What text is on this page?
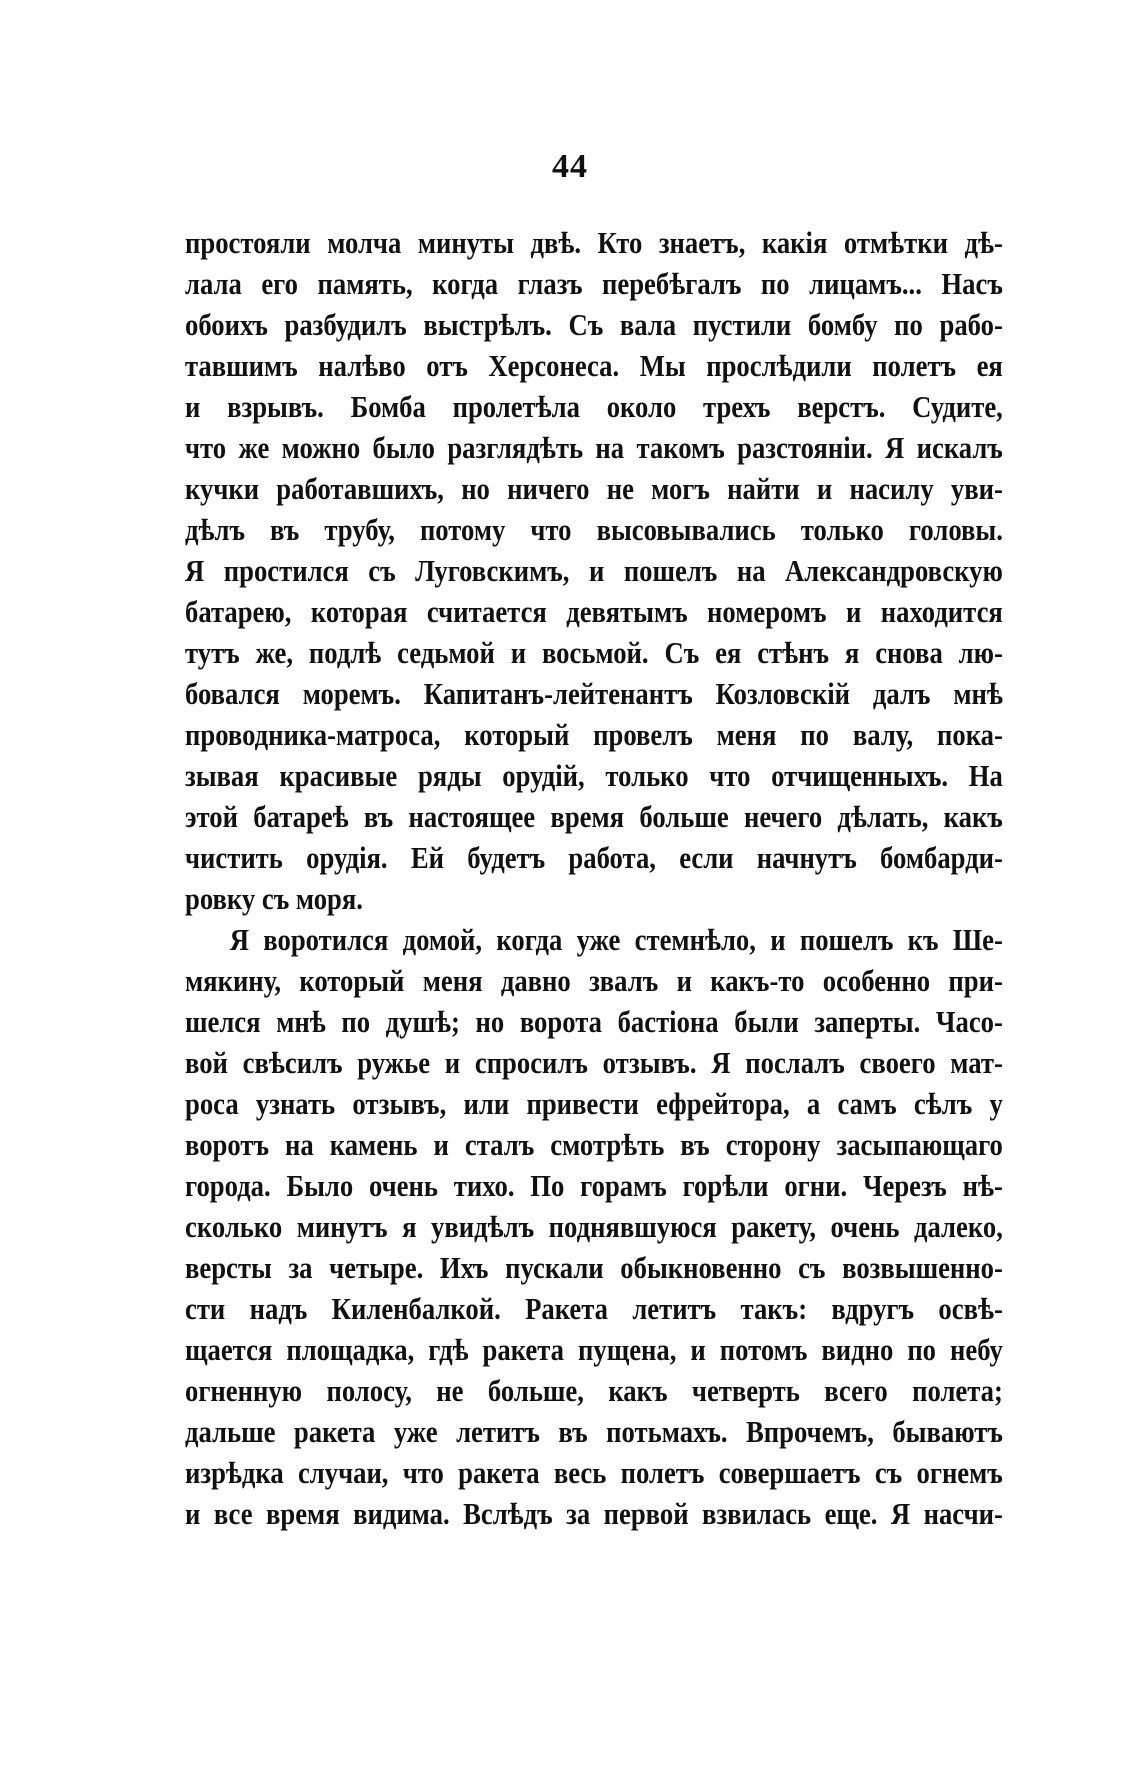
44
простояли молча минуты двѣ. Кто знаетъ, какія отмѣтки дѣ-
лала его память, когда глазъ перебѣгалъ по лицамъ... Насъ
обоихъ разбудилъ выстрѣлъ. Съ вала пустили бомбу по рабо-
тавшимъ налѣво отъ Херсонеса. Мы прослѣдили полетъ ея
и взрывъ. Бомба пролетѣла около трехъ верстъ. Судите,
что же можно было разглядѣть на такомъ разстояніи. Я искалъ
кучки работавшихъ, но ничего не могъ найти и насилу уви-
дѣлъ въ трубу, потому что высовывались только головы.
Я простился съ Луговскимъ, и пошелъ на Александровскую
батарею, которая считается девятымъ номеромъ и находится
тутъ же, подлѣ седьмой и восьмой. Съ ея стѣнъ я снова лю-
бовался моремъ. Капитанъ-лейтенантъ Козловскій далъ мнѣ
проводника-матроса, который провелъ меня по валу, пока-
зывая красивые ряды орудій, только что отчищенныхъ. На
этой батареѣ въ настоящее время больше нечего дѣлать, какъ
чистить орудія. Ей будетъ работа, если начнутъ бомбарди-
ровку съ моря.
Я воротился домой, когда уже стемнѣло, и пошелъ къ Ше-
мякину, который меня давно звалъ и какъ-то особенно при-
шелся мнѣ по душѣ; но ворота бастіона были заперты. Часо-
вой свѣсилъ ружье и спросилъ отзывъ. Я послалъ своего мат-
роса узнать отзывъ, или привести ефрейтора, а самъ сѣлъ у
воротъ на камень и сталъ смотрѣть въ сторону засыпающаго
города. Было очень тихо. По горамъ горѣли огни. Черезъ нѣ-
сколько минутъ я увидѣлъ поднявшуюся ракету, очень далеко,
версты за четыре. Ихъ пускали обыкновенно съ возвышенно-
сти надъ Киленбалкой. Ракета летитъ такъ: вдругъ освѣ-
щается площадка, гдѣ ракета пущена, и потомъ видно по небу
огненную полосу, не больше, какъ четверть всего полета;
дальше ракета уже летитъ въ потьмахъ. Впрочемъ, бываютъ
изрѣдка случаи, что ракета весь полетъ совершаетъ съ огнемъ
и все время видима. Вслѣдъ за первой взвилась еще. Я насчи-
